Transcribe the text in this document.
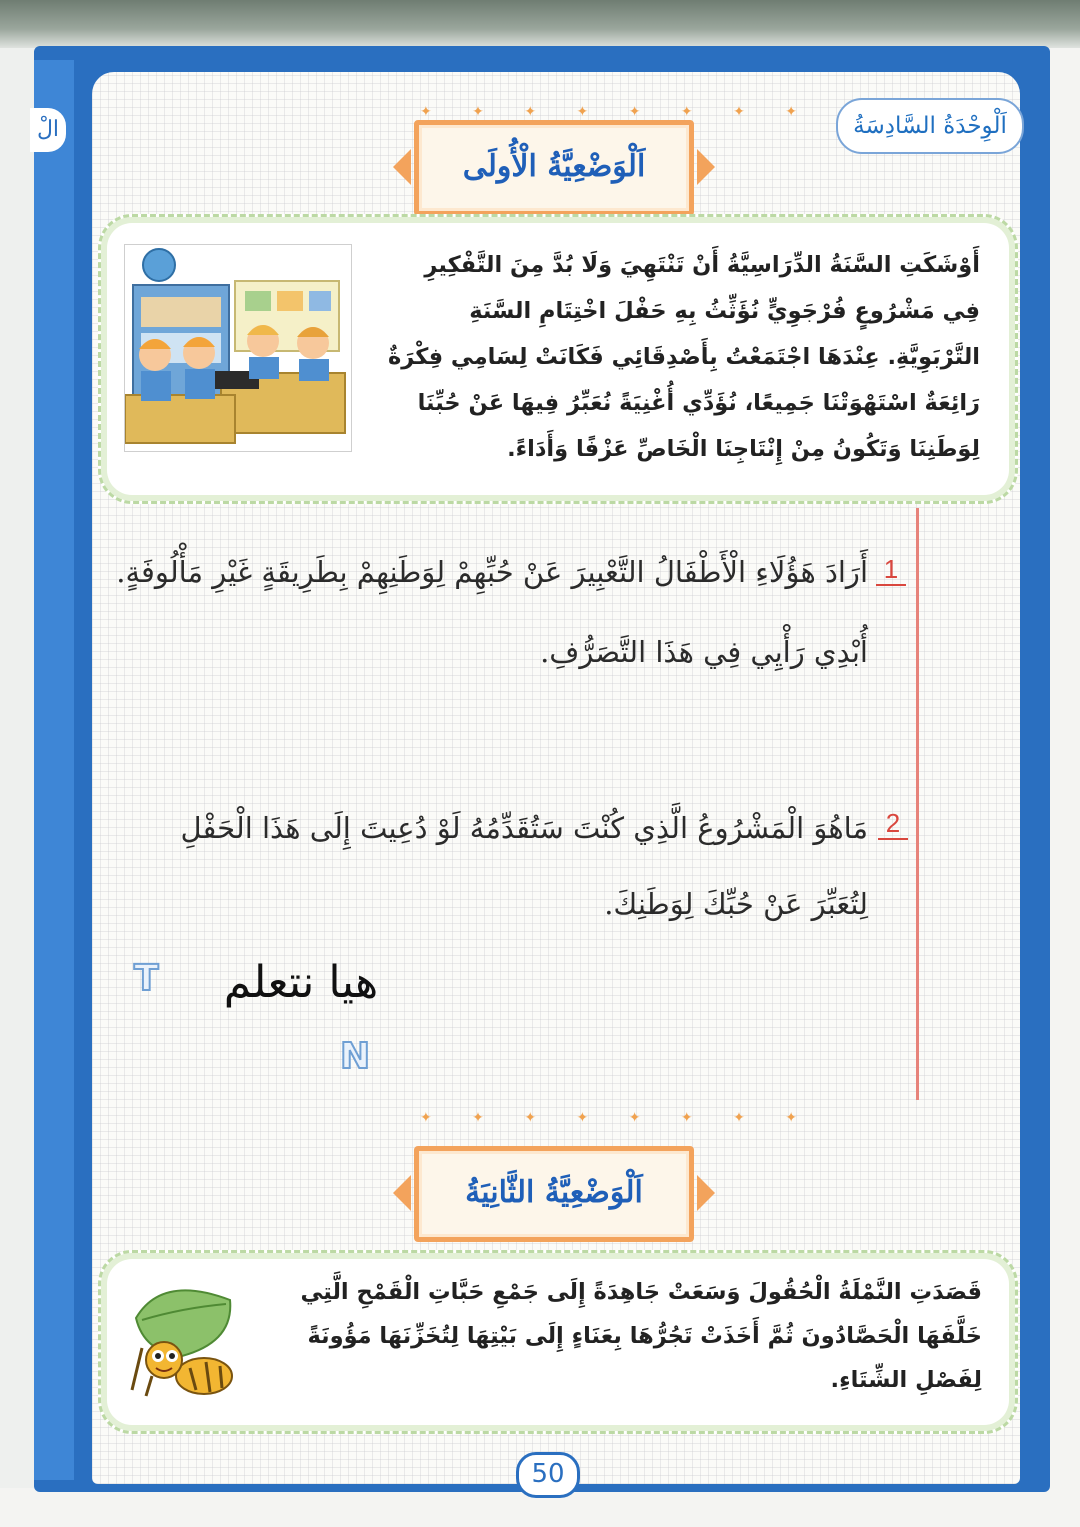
الْ	اَلْوِحْدَةُ السَّادِسَةُ
✦ ✦ ✦ ✦ ✦ ✦ ✦ ✦
اَلْوَضْعِيَّةُ الْأُولَى
أَوْشَكَتِ السَّنَةُ الدِّرَاسِيَّةُ أَنْ تَنْتَهِيَ وَلَا بُدَّ مِنَ التَّفْكِيرِ
فِي مَشْرُوعٍ فُرْجَوِيٍّ نُؤَثِّثُ بِهِ حَفْلَ اخْتِتَامِ السَّنَةِ
التَّرْبَوِيَّةِ. عِنْدَهَا اجْتَمَعْتُ بِأَصْدِقَائِي فَكَانَتْ لِسَامِي فِكْرَةٌ
رَائِعَةٌ اسْتَهْوَتْنَا جَمِيعًا، نُؤَدِّي أُغْنِيَةً نُعَبِّرُ فِيهَا عَنْ حُبِّنَا
لِوَطَنِنَا وَتَكُونُ مِنْ إِنْتَاجِنَا الْخَاصِّ عَزْفًا وَأَدَاءً.
1
أَرَادَ هَؤُلَاءِ الْأَطْفَالُ التَّعْبِيرَ عَنْ حُبِّهِمْ لِوَطَنِهِمْ بِطَرِيقَةٍ غَيْرِ مَأْلُوفَةٍ.
أُبْدِي رَأْيِي فِي هَذَا التَّصَرُّفِ.
2
مَاهُوَ الْمَشْرُوعُ الَّذِي كُنْتَ سَتُقَدِّمُهُ لَوْ دُعِيتَ إِلَى هَذَا الْحَفْلِ
لِتُعَبِّرَ عَنْ حُبِّكَ لِوَطَنِكَ.
هيا نتعلم
T
N
✦ ✦ ✦ ✦ ✦ ✦ ✦ ✦
اَلْوَضْعِيَّةُ الثَّانِيَةُ
قَصَدَتِ النَّمْلَةُ الْحُقُولَ وَسَعَتْ جَاهِدَةً إِلَى جَمْعِ حَبَّاتِ الْقَمْحِ الَّتِي
خَلَّفَهَا الْحَصَّادُونَ ثُمَّ أَخَذَتْ تَجُرُّهَا بِعَنَاءٍ إِلَى بَيْتِهَا لِتُخَزِّنَهَا مَؤُونَةً
لِفَصْلِ الشِّتَاءِ.
50
